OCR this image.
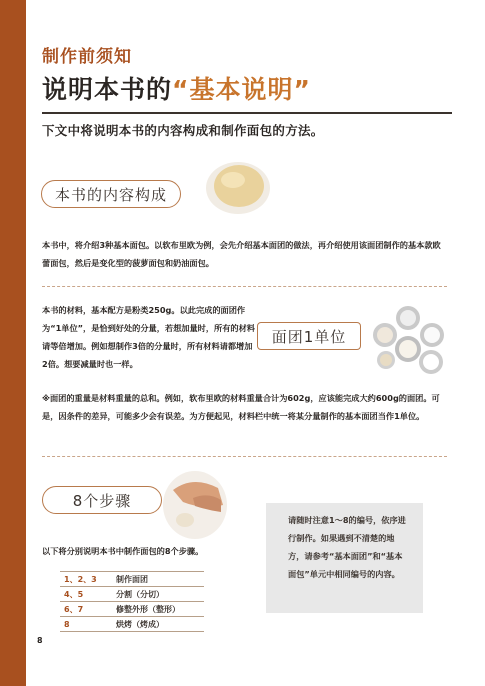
制作前须知
说明本书的“基本说明”
下文中将说明本书的内容构成和制作面包的方法。
本书的内容构成
本书中，将介绍3种基本面包。以软布里欧为例，会先介绍基本面团的做法，再介绍使用该面团制作的基本款欧蕾面包，然后是变化型的菠萝面包和奶油面包。
本书的材料，基本配方是粉类250g。以此完成的面团作为“1单位”，是恰到好处的分量，若想加量时，所有的材料请等倍增加。例如想制作3倍的分量时，所有材料请都增加2倍。想要减量时也一样。
面团1单位
※面团的重量是材料重量的总和。例如，软布里欧的材料重量合计为602g，应该能完成大约600g的面团。可是，因条件的差异，可能多少会有误差。为方便起见，材料栏中统一将某分量制作的基本面团当作1单位。
8个步骤
以下将分别说明本书中制作面包的8个步骤。
1、2、3	制作面团
4、5	分割（分切）
6、7	修整外形（整形）
8	烘烤（烤成）
请随时注意1～8的编号，依序进行制作。如果遇到不清楚的地方，请参考“基本面团”和“基本面包”单元中相同编号的内容。
8
